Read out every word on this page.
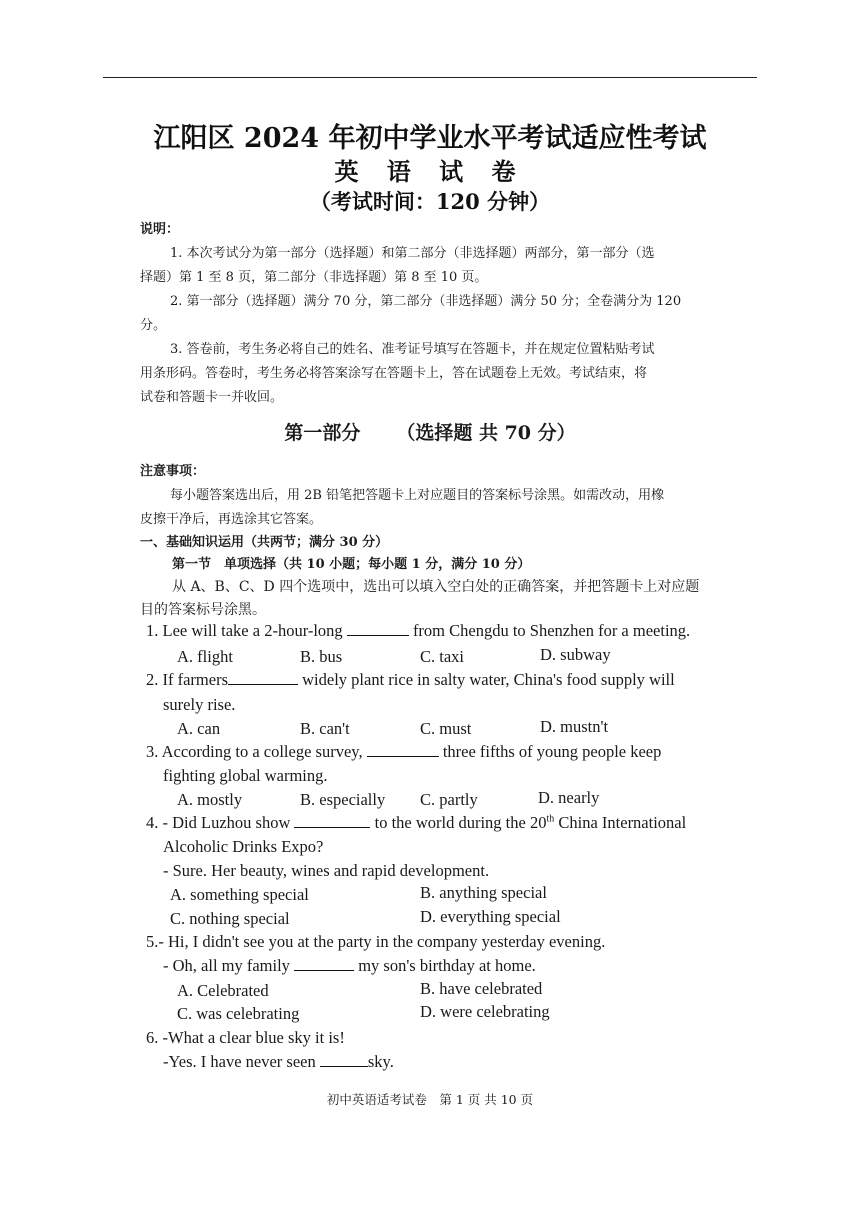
江阳区 2024 年初中学业水平考试适应性考试
英 语 试 卷
（考试时间：120 分钟）
说明：
1. 本次考试分为第一部分（选择题）和第二部分（非选择题）两部分，第一部分（选
择题）第 1 至 8 页，第二部分（非选择题）第 8 至 10 页。
2. 第一部分（选择题）满分 70 分，第二部分（非选择题）满分 50 分；全卷满分为 120
分。
3. 答卷前，考生务必将自己的姓名、准考证号填写在答题卡，并在规定位置粘贴考试
用条形码。答卷时，考生务必将答案涂写在答题卡上，答在试题卷上无效。考试结束，将
试卷和答题卡一并收回。
第一部分 （选择题 共 70 分）
注意事项：
每小题答案选出后，用 2B 铅笔把答题卡上对应题目的答案标号涂黑。如需改动，用橡
皮擦干净后，再选涂其它答案。
一、基础知识运用（共两节；满分 30 分）
第一节　单项选择（共 10 小题；每小题 1 分，满分 10 分）
从 A、B、C、D 四个选项中，选出可以填入空白处的正确答案，并把答题卡上对应题
目的答案标号涂黑。
1. Lee will take a 2-hour-long	from Chengdu to Shenzhen for a meeting.
A. flight	B. bus	C. taxi	D. subway
2. If farmers	widely plant rice in salty water, China's food supply will
surely rise.
A. can	B. can't	C. must	D. mustn't
3. According to a college survey,	three fifths of young people keep
fighting global warming.
A. mostly	B. especially C. partly	D. nearly
4. - Did Luzhou show	to the world during the 20th China International
Alcoholic Drinks Expo?
- Sure. Her beauty, wines and rapid development.
A. something special	B. anything special
C. nothing special	D. everything special
5.- Hi, I didn't see you at the party in the company yesterday evening.
- Oh, all my family	my son's birthday at home.
A. Celebrated	B. have celebrated
C. was celebrating	D. were celebrating
6. -What a clear blue sky it is!
-Yes. I have never seen	sky.
初中英语适考试卷　第 1 页 共 10 页
